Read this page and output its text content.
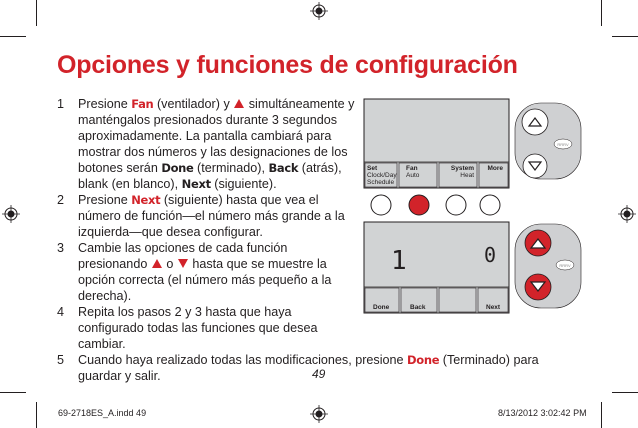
Opciones y funciones de configuración
1 Presione Fan (ventilador) y  simultáneamente y manténgalos presionados durante 3 segundos aproximadamente. La pantalla cambiará para mostrar dos números y las designaciones de los botones serán Done (terminado), Back (atrás), blank (en blanco), Next (siguiente).
2 Presione Next (siguiente) hasta que vea el número de función—el número más grande a la izquierda—que desea configurar.
3 Cambie las opciones de cada función presionando  o  hasta que se muestre la opción correcta (el número más pequeño a la derecha).
4 Repita los pasos 2 y 3 hasta que haya configurado todas las funciones que desea cambiar.
5 Cuando haya realizado todas las modificaciones, presione Done (Terminado) para guardar y salir.
Set
Clock/Day
Schedule
Fan
Auto
System
Heat
More
RRRV
1	0
Done	Back	Next
RRRV
49
69-2718ES_A.indd 49	8/13/2012 3:02:42 PM
